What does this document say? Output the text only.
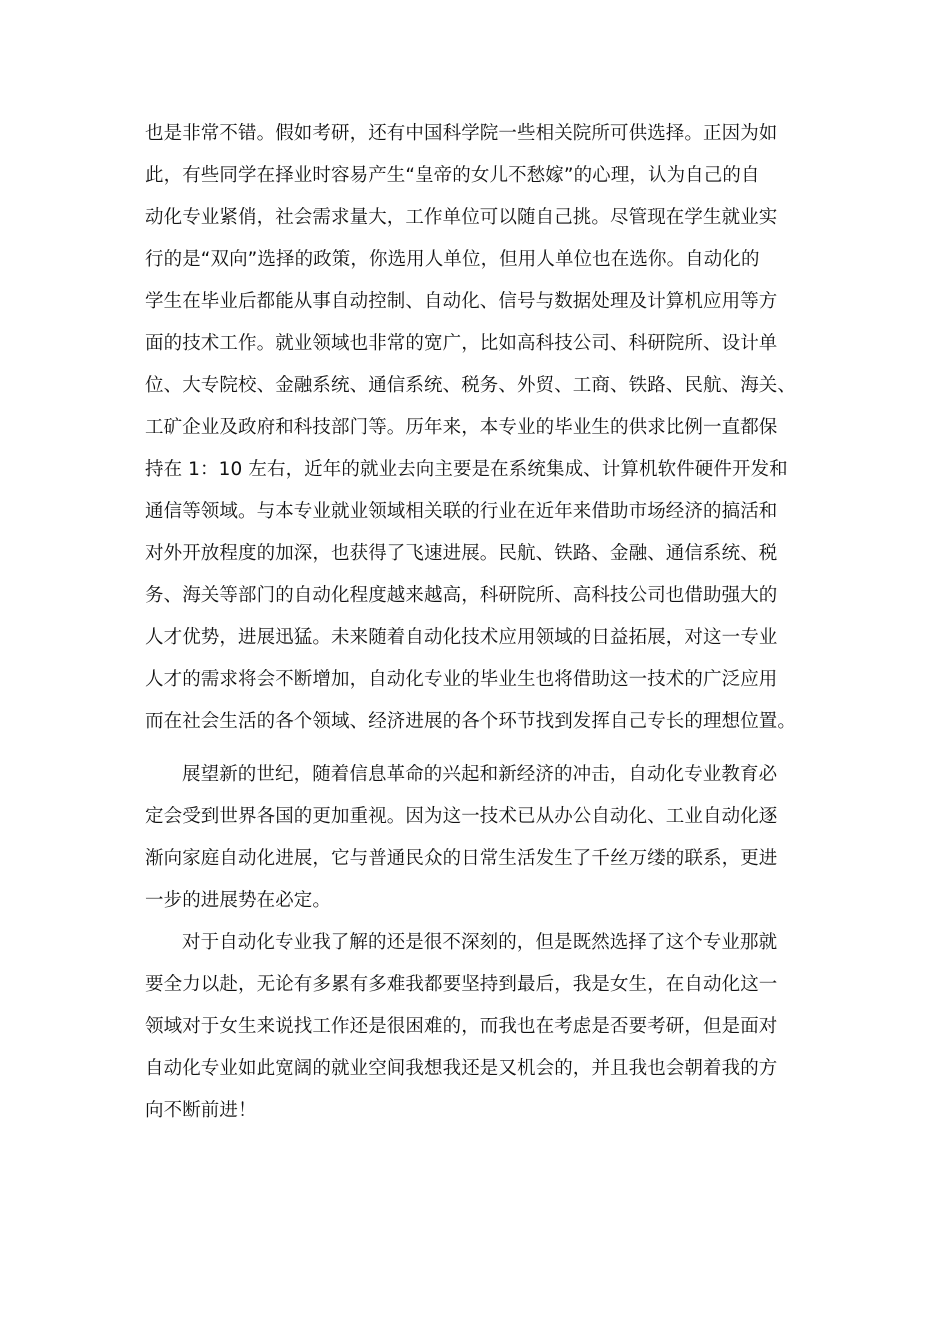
也是非常不错。假如考研，还有中国科学院一些相关院所可供选择。正因为如
此，有些同学在择业时容易产生“皇帝的女儿不愁嫁”的心理，认为自己的自
动化专业紧俏，社会需求量大，工作单位可以随自己挑。尽管现在学生就业实
行的是“双向”选择的政策，你选用人单位，但用人单位也在选你。自动化的
学生在毕业后都能从事自动控制、自动化、信号与数据处理及计算机应用等方
面的技术工作。就业领域也非常的宽广，比如高科技公司、科研院所、设计单
位、大专院校、金融系统、通信系统、税务、外贸、工商、铁路、民航、海关、
工矿企业及政府和科技部门等。历年来，本专业的毕业生的供求比例一直都保
持在 1：10 左右，近年的就业去向主要是在系统集成、计算机软件硬件开发和
通信等领域。与本专业就业领域相关联的行业在近年来借助市场经济的搞活和
对外开放程度的加深，也获得了飞速进展。民航、铁路、金融、通信系统、税
务、海关等部门的自动化程度越来越高，科研院所、高科技公司也借助强大的
人才优势，进展迅猛。未来随着自动化技术应用领域的日益拓展，对这一专业
人才的需求将会不断增加，自动化专业的毕业生也将借助这一技术的广泛应用
而在社会生活的各个领域、经济进展的各个环节找到发挥自己专长的理想位置。
展望新的世纪，随着信息革命的兴起和新经济的冲击，自动化专业教育必
定会受到世界各国的更加重视。因为这一技术已从办公自动化、工业自动化逐
渐向家庭自动化进展，它与普通民众的日常生活发生了千丝万缕的联系，更进
一步的进展势在必定。
对于自动化专业我了解的还是很不深刻的，但是既然选择了这个专业那就
要全力以赴，无论有多累有多难我都要坚持到最后，我是女生，在自动化这一
领域对于女生来说找工作还是很困难的，而我也在考虑是否要考研，但是面对
自动化专业如此宽阔的就业空间我想我还是又机会的，并且我也会朝着我的方
向不断前进！
